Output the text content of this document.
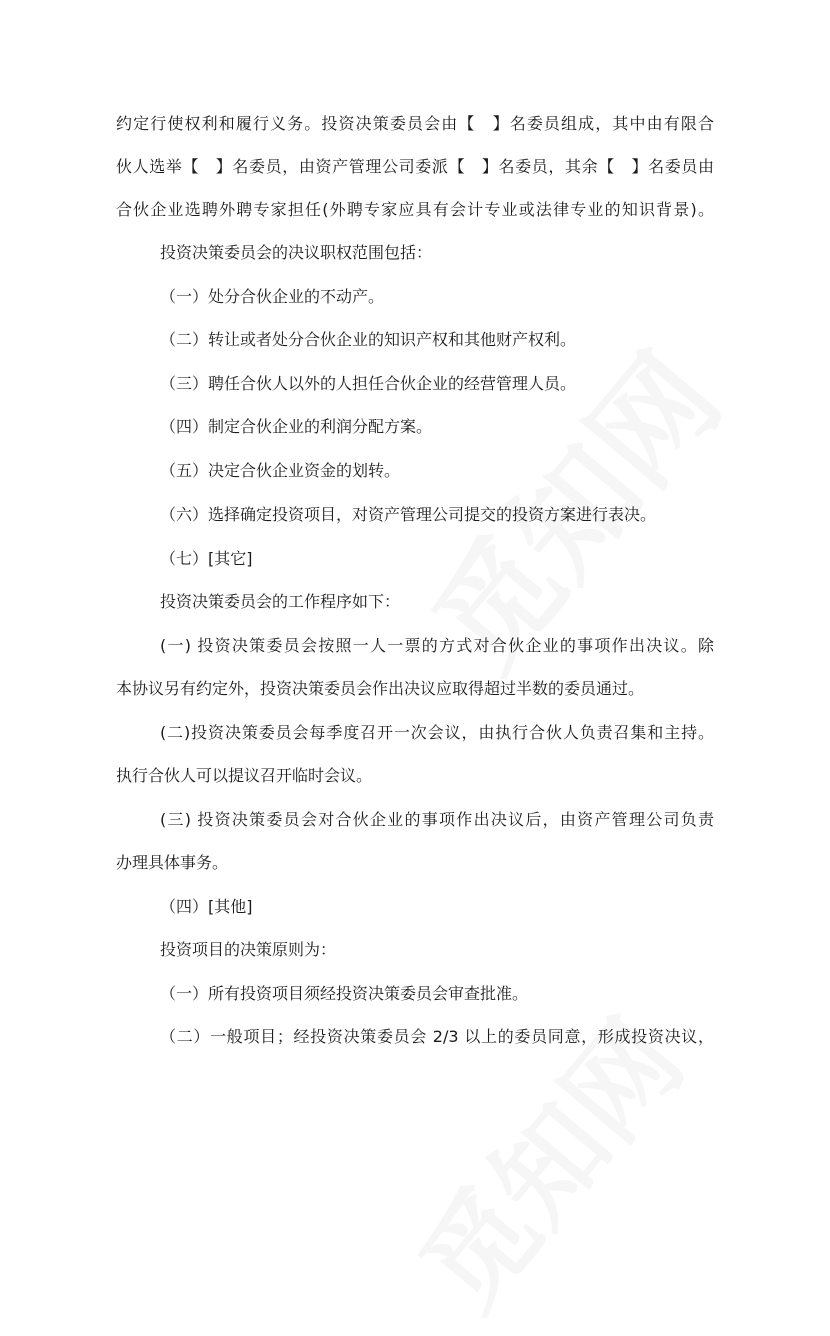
约定行使权利和履行义务。投资决策委员会由【　】名委员组成，其中由有限合
伙人选举【　】名委员，由资产管理公司委派【　】名委员，其余【　】名委员由
合伙企业选聘外聘专家担任(外聘专家应具有会计专业或法律专业的知识背景)。
投资决策委员会的决议职权范围包括：
（一）处分合伙企业的不动产。
（二）转让或者处分合伙企业的知识产权和其他财产权利。
（三）聘任合伙人以外的人担任合伙企业的经营管理人员。
（四）制定合伙企业的利润分配方案。
（五）决定合伙企业资金的划转。
（六）选择确定投资项目，对资产管理公司提交的投资方案进行表决。
（七）[其它]
投资决策委员会的工作程序如下：
(一) 投资决策委员会按照一人一票的方式对合伙企业的事项作出决议。除
本协议另有约定外，投资决策委员会作出决议应取得超过半数的委员通过。
(二)投资决策委员会每季度召开一次会议，由执行合伙人负责召集和主持。
执行合伙人可以提议召开临时会议。
(三) 投资决策委员会对合伙企业的事项作出决议后，由资产管理公司负责
办理具体事务。
（四）[其他]
投资项目的决策原则为：
（一）所有投资项目须经投资决策委员会审查批准。
（二）一般项目；经投资决策委员会 2/3 以上的委员同意，形成投资决议，
